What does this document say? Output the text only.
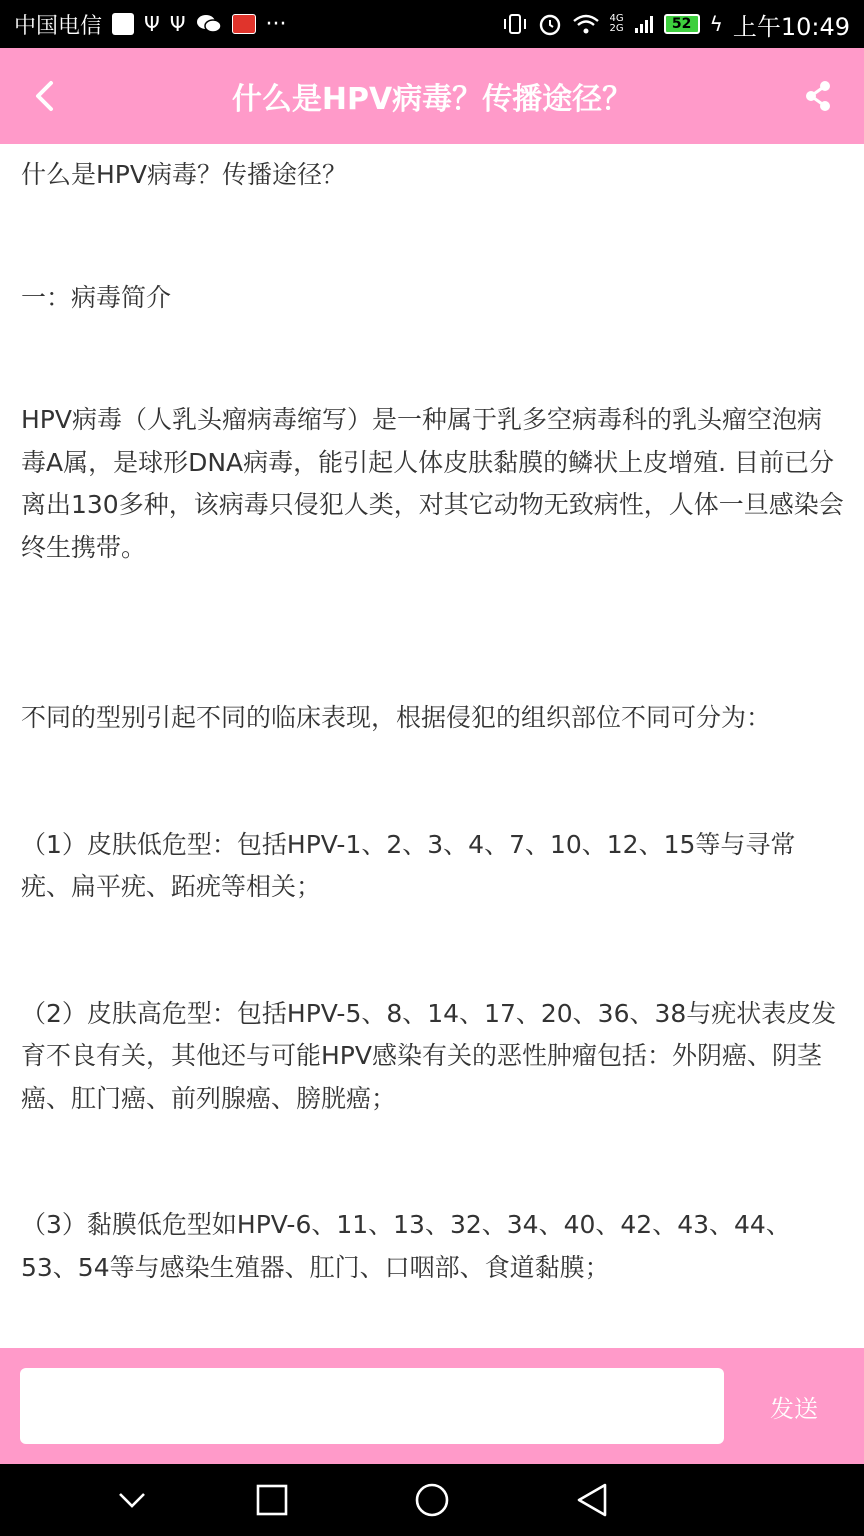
中国电信 Ψ Ψ	···	4G
2G	52 ϟ 上午10:49
什么是HPV病毒？传播途径？

什么是HPV病毒？传播途径？

一：病毒简介

HPV病毒（人乳头瘤病毒缩写）是一种属于乳多空病毒科的乳头瘤空泡病毒A属，是球形DNA病毒，能引起人体皮肤黏膜的鳞状上皮增殖. 目前已分离出130多种，该病毒只侵犯人类，对其它动物无致病性，人体一旦感染会终生携带。

不同的型别引起不同的临床表现，根据侵犯的组织部位不同可分为：

（1）皮肤低危型：包括HPV-1、2、3、4、7、10、12、15等与寻常疣、扁平疣、跖疣等相关；

（2）皮肤高危型：包括HPV-5、8、14、17、20、36、38与疣状表皮发育不良有关，其他还与可能HPV感染有关的恶性肿瘤包括：外阴癌、阴茎癌、肛门癌、前列腺癌、膀胱癌；

（3）黏膜低危型如HPV-6、11、13、32、34、40、42、43、44、53、54等与感染生殖器、肛门、口咽部、食道黏膜；

发送
